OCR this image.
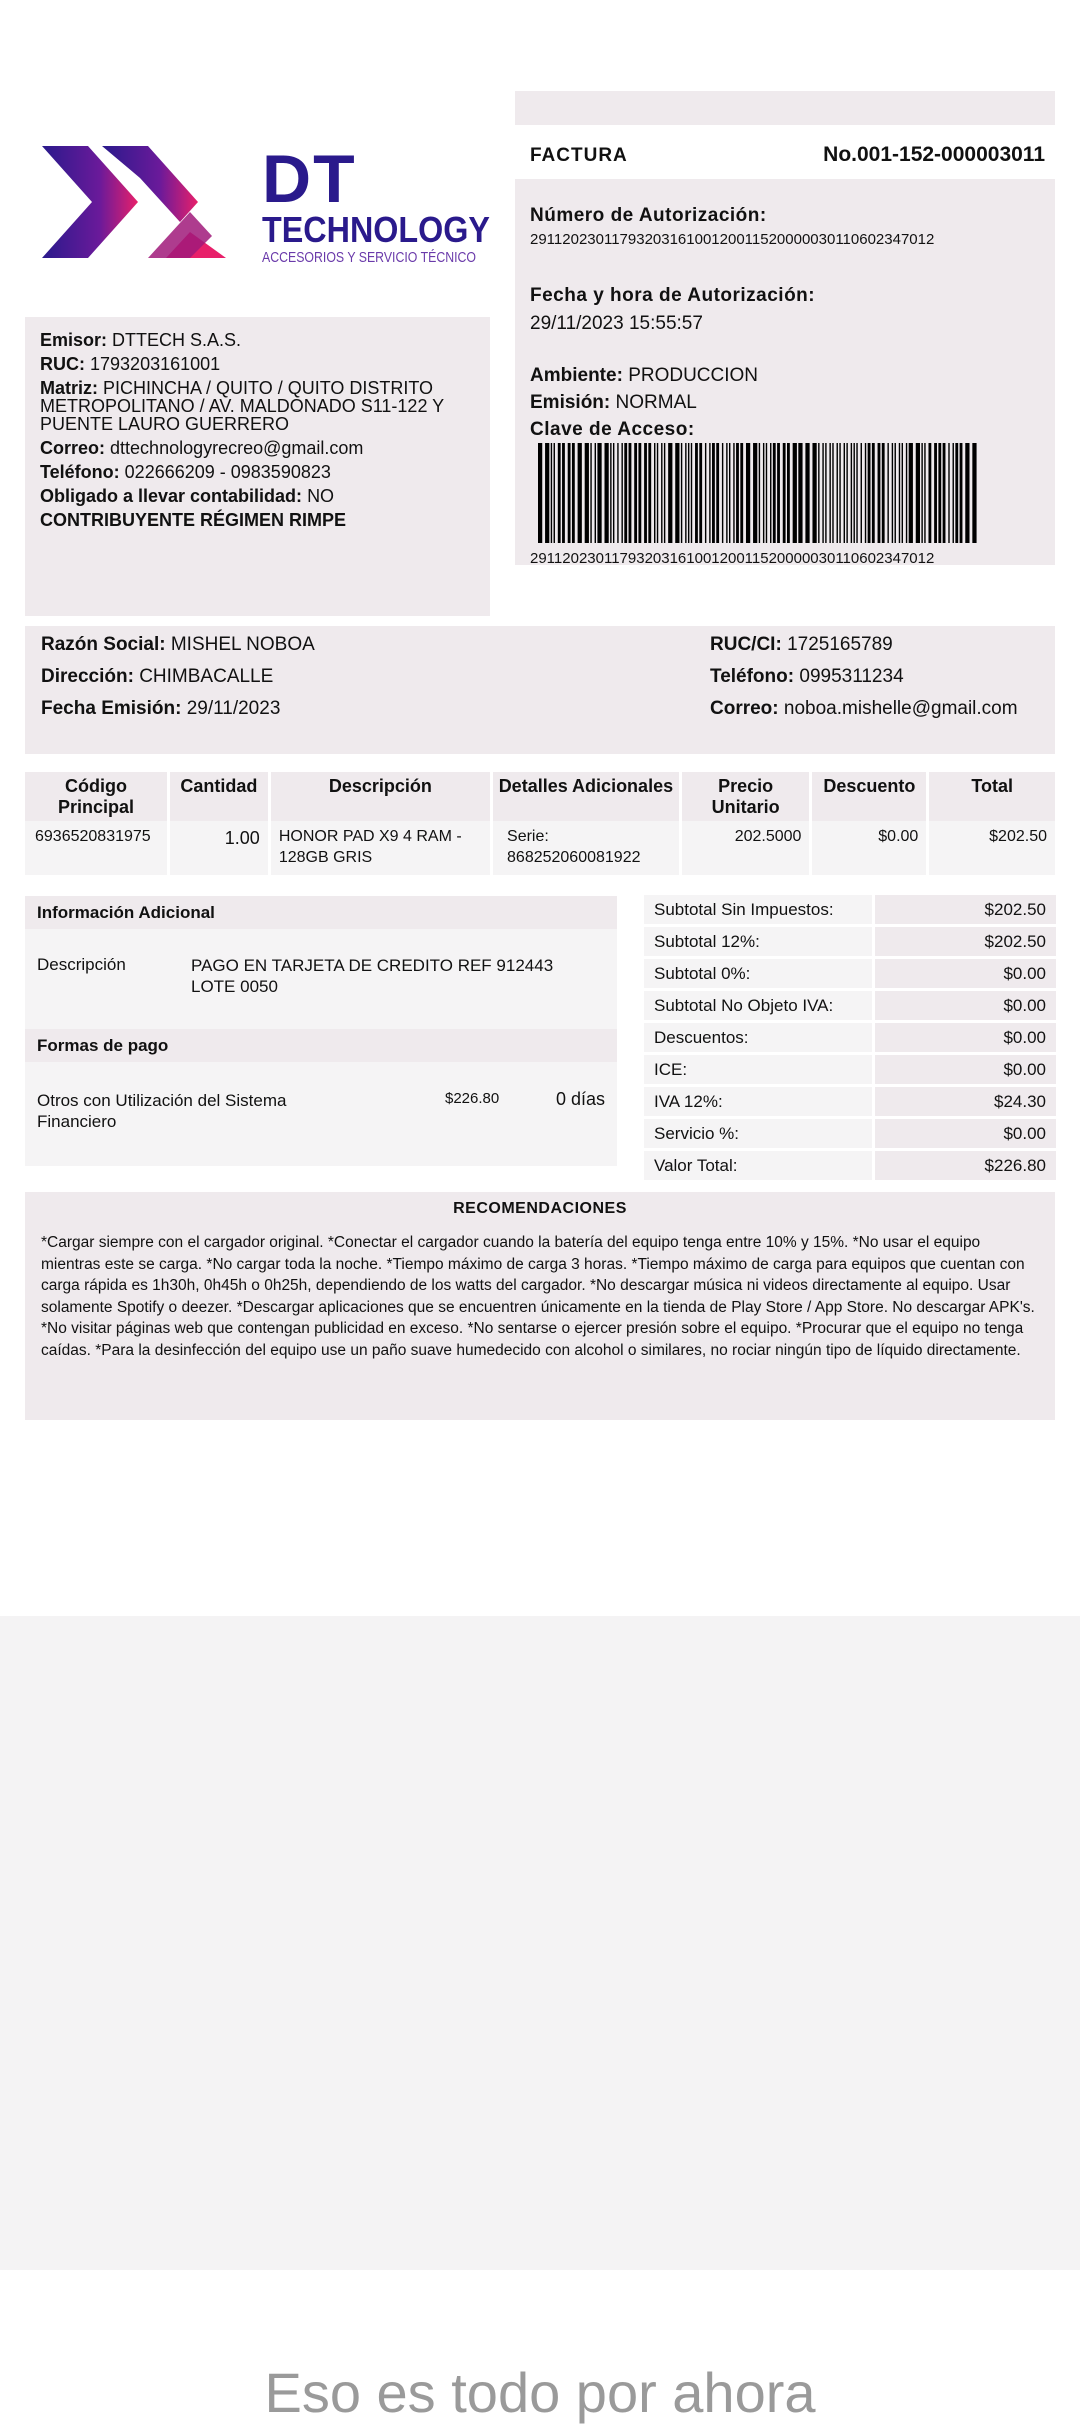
DT
TECHNOLOGY
ACCESORIOS Y SERVICIO TÉCNICO
FACTURA	No.001-152-000003011
Número de Autorización:
2911202301179320316100120011520000030110602347012
Fecha y hora de Autorización:
29/11/2023 15:55:57
Ambiente: PRODUCCION
Emisión: NORMAL
Clave de Acceso:
2911202301179320316100120011520000030110602347012
Emisor: DTTECH S.A.S.
RUC: 1793203161001
Matriz: PICHINCHA / QUITO / QUITO DISTRITO METROPOLITANO / AV. MALDONADO S11-122 Y PUENTE LAURO GUERRERO
Correo: dttechnologyrecreo@gmail.com
Teléfono: 022666209 - 0983590823
Obligado a llevar contabilidad: NO
CONTRIBUYENTE RÉGIMEN RIMPE
Razón Social: MISHEL NOBOA
Dirección: CHIMBACALLE
Fecha Emisión: 29/11/2023
RUC/CI: 1725165789
Teléfono: 0995311234
Correo: noboa.mishelle@gmail.com
Código Principal	Cantidad	Descripción	Detalles Adicionales	Precio Unitario	Descuento	Total
6936520831975	1.00	HONOR PAD X9 4 RAM - 128GB GRIS	Serie: 868252060081922	202.5000	$0.00	$202.50
Información Adicional
Descripción	PAGO EN TARJETA DE CREDITO REF 912443 LOTE 0050
Formas de pago
Otros con Utilización del Sistema Financiero
$226.80	0 días
Subtotal Sin Impuestos:	$202.50
Subtotal 12%:	$202.50
Subtotal 0%:	$0.00
Subtotal No Objeto IVA:	$0.00
Descuentos:	$0.00
ICE:	$0.00
IVA 12%:	$24.30
Servicio %:	$0.00
Valor Total:	$226.80
RECOMENDACIONES
*Cargar siempre con el cargador original. *Conectar el cargador cuando la batería del equipo tenga entre 10% y 15%. *No usar el equipo mientras este se carga. *No cargar toda la noche. *Tiempo máximo de carga 3 horas. *Tiempo máximo de carga para equipos que cuentan con carga rápida es 1h30h, 0h45h o 0h25h, dependiendo de los watts del cargador. *No descargar música ni videos directamente al equipo. Usar solamente Spotify o deezer. *Descargar aplicaciones que se encuentren únicamente en la tienda de Play Store / App Store. No descargar APK's. *No visitar páginas web que contengan publicidad en exceso. *No sentarse o ejercer presión sobre el equipo. *Procurar que el equipo no tenga caídas. *Para la desinfección del equipo use un paño suave humedecido con alcohol o similares, no rociar ningún tipo de líquido directamente.
Eso es todo por ahora
